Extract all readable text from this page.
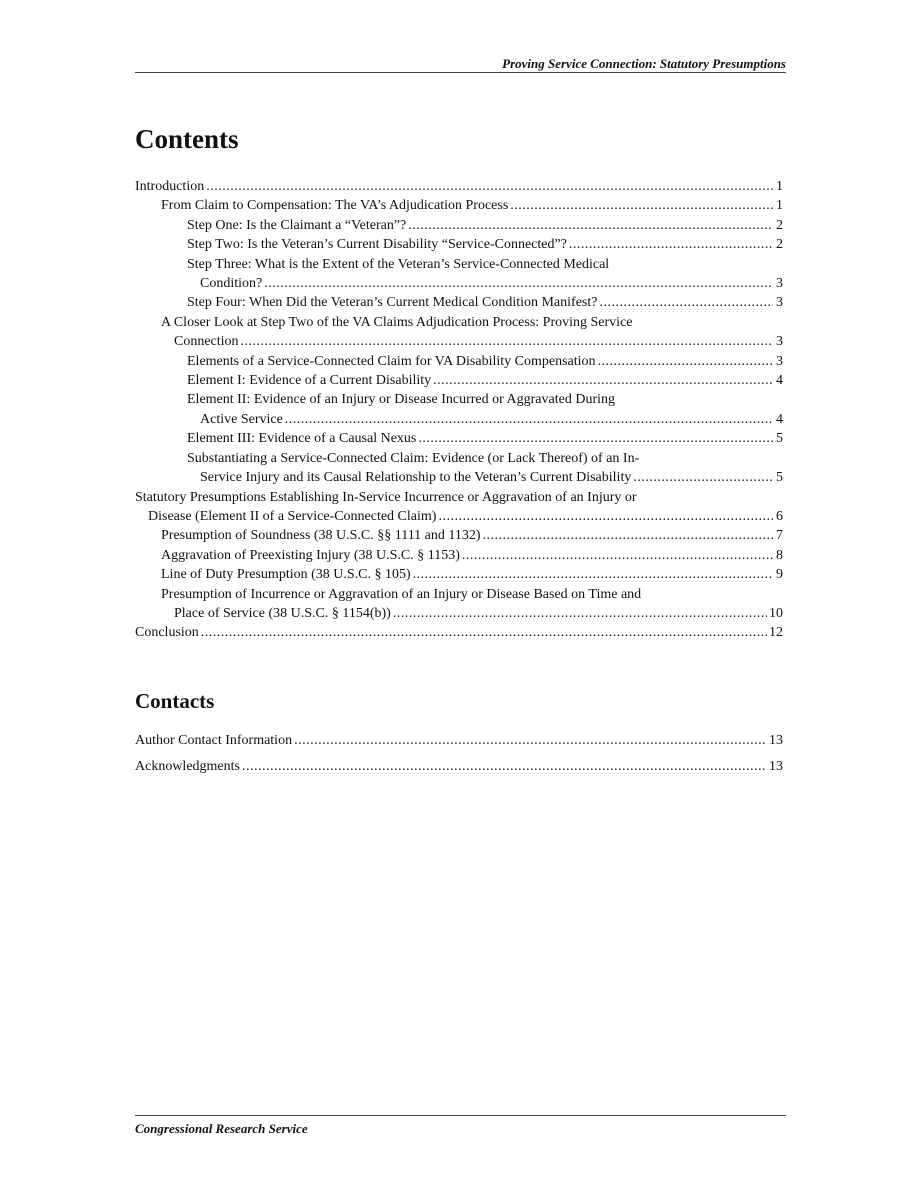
Proving Service Connection: Statutory Presumptions
Contents
Introduction .....	1
From Claim to Compensation: The VA’s Adjudication Process .....	1
Step One: Is the Claimant a “Veteran”? .....	2
Step Two: Is the Veteran’s Current Disability “Service-Connected”? .....	2
Step Three: What is the Extent of the Veteran’s Service-Connected Medical
Condition? .....	3
Step Four: When Did the Veteran’s Current Medical Condition Manifest? .....	3
A Closer Look at Step Two of the VA Claims Adjudication Process: Proving Service
Connection .....	3
Elements of a Service-Connected Claim for VA Disability Compensation .....	3
Element I: Evidence of a Current Disability .....	4
Element II: Evidence of an Injury or Disease Incurred or Aggravated During
Active Service .....	4
Element III: Evidence of a Causal Nexus .....	5
Substantiating a Service-Connected Claim: Evidence (or Lack Thereof) of an In-
Service Injury and its Causal Relationship to the Veteran’s Current Disability .....	5
Statutory Presumptions Establishing In-Service Incurrence or Aggravation of an Injury or
Disease (Element II of a Service-Connected Claim) .....	6
Presumption of Soundness (38 U.S.C. §§ 1111 and 1132) .....	7
Aggravation of Preexisting Injury (38 U.S.C. § 1153) .....	8
Line of Duty Presumption (38 U.S.C. § 105) .....	9
Presumption of Incurrence or Aggravation of an Injury or Disease Based on Time and
Place of Service (38 U.S.C. § 1154(b)) .....	10
Conclusion .....	12
Contacts
Author Contact Information .....	13
Acknowledgments .....	13
Congressional Research Service
